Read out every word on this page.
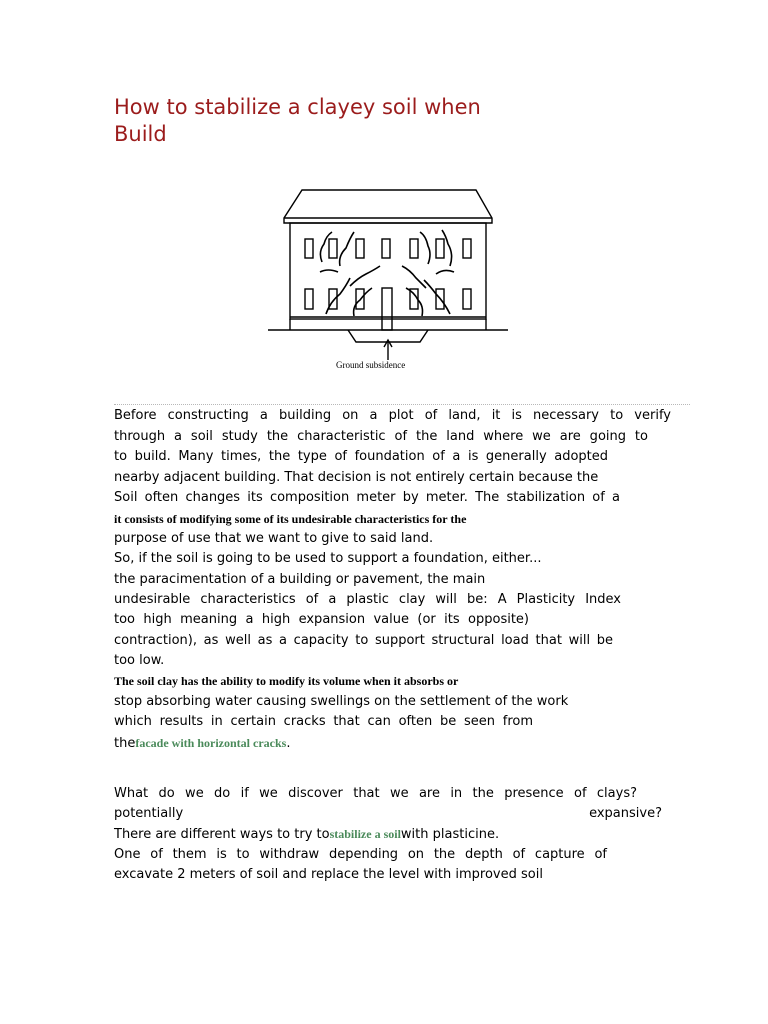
How to stabilize a clayey soil when Build
Ground subsidence
Before constructing a building on a plot of land, it is necessary to verify
through a soil study the characteristic of the land where we are going to
to build. Many times, the type of foundation of a is generally adopted
nearby adjacent building. That decision is not entirely certain because the
Soil often changes its composition meter by meter. The stabilization of a
it consists of modifying some of its undesirable characteristics for the
purpose of use that we want to give to said land.
So, if the soil is going to be used to support a foundation, either...
the paracimentation of a building or pavement, the main
undesirable characteristics of a plastic clay will be: A Plasticity Index
too high meaning a high expansion value (or its opposite)
contraction), as well as a capacity to support structural load that will be
too low.
The soil clay has the ability to modify its volume when it absorbs or
stop absorbing water causing swellings on the settlement of the work
which results in certain cracks that can often be seen from
thefacade with horizontal cracks.
What do we do if we discover that we are in the presence of clays?
potentially	expansive?
There are different ways to try tostabilize a soilwith plasticine.
One of them is to withdraw depending on the depth of capture of
excavate 2 meters of soil and replace the level with improved soil
